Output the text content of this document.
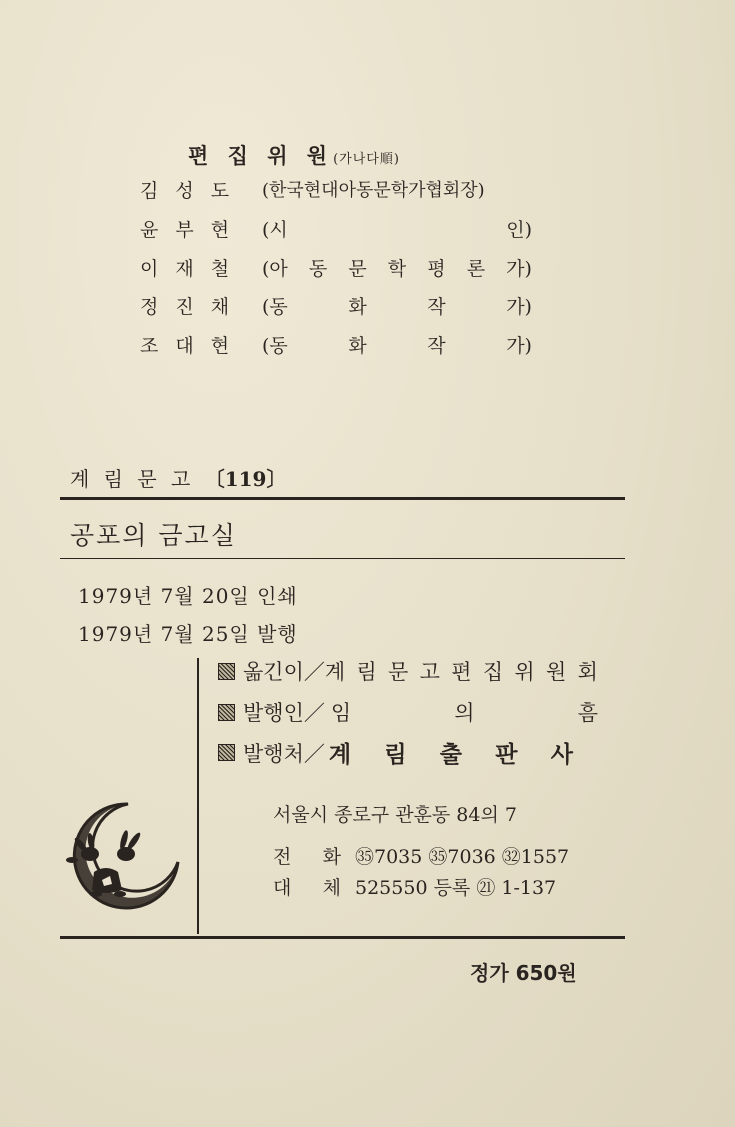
편 집 위 원(가나다順)
김성도 (한국현대아동문학가협회장)
윤부현 (시	인)
이재철 (아 동 문 학 평 론 가)
정진채 (동	화	작	가)
조대현 (동	화	작	가)
계 림 문 고 〔119〕
공포의 금고실
1979년 7월 20일 인쇄
1979년 7월 25일 발행
옮긴이／ 계 림 문 고 편 집 위 원 회
발행인／ 임	의	흠
발행처／ 계 림 출 판 사
서울시 종로구 관훈동 84의 7
전 화 ㉟7035 ㉟7036 ㉜1557
대 체 525550 등록 ㉑ 1-137
정가 650원
